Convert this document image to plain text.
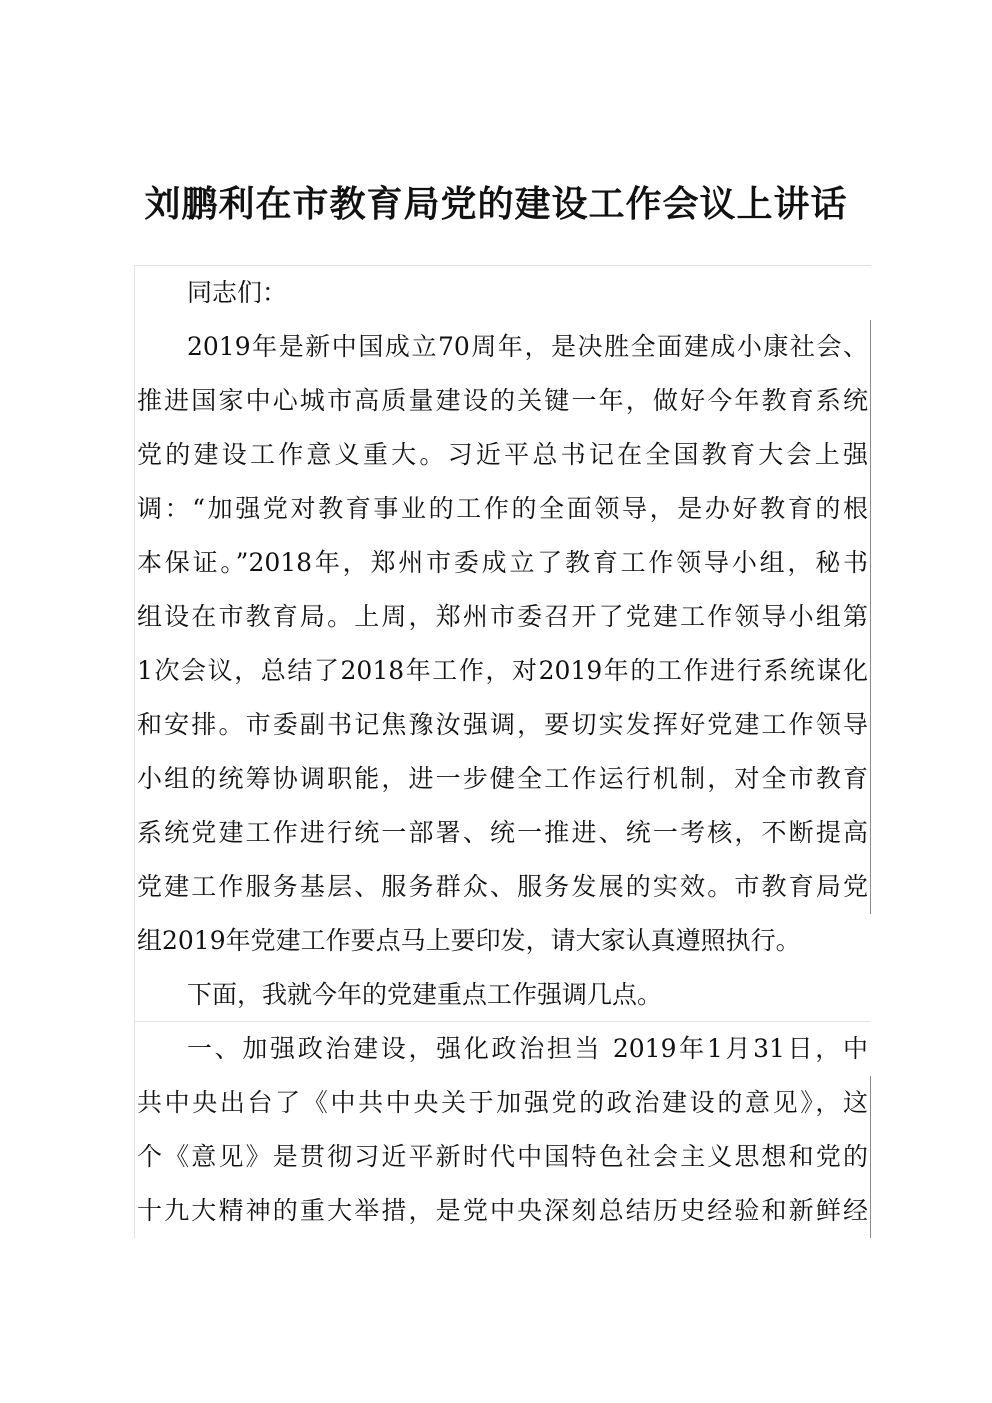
刘鹏利在市教育局党的建设工作会议上讲话
同志们：
2019年是新中国成立70周年，是决胜全面建成小康社会、
推进国家中心城市高质量建设的关键一年，做好今年教育系统
党的建设工作意义重大。习近平总书记在全国教育大会上强
调：“加强党对教育事业的工作的全面领导，是办好教育的根
本保证。”2018年，郑州市委成立了教育工作领导小组，秘书
组设在市教育局。上周，郑州市委召开了党建工作领导小组第
1次会议，总结了2018年工作，对2019年的工作进行系统谋化
和安排。市委副书记焦豫汝强调，要切实发挥好党建工作领导
小组的统筹协调职能，进一步健全工作运行机制，对全市教育
系统党建工作进行统一部署、统一推进、统一考核，不断提高
党建工作服务基层、服务群众、服务发展的实效。市教育局党
组2019年党建工作要点马上要印发，请大家认真遵照执行。
下面，我就今年的党建重点工作强调几点。
一、加强政治建设，强化政治担当 2019年1月31日，中
共中央出台了《中共中央关于加强党的政治建设的意见》，这
个《意见》是贯彻习近平新时代中国特色社会主义思想和党的
十九大精神的重大举措，是党中央深刻总结历史经验和新鲜经
